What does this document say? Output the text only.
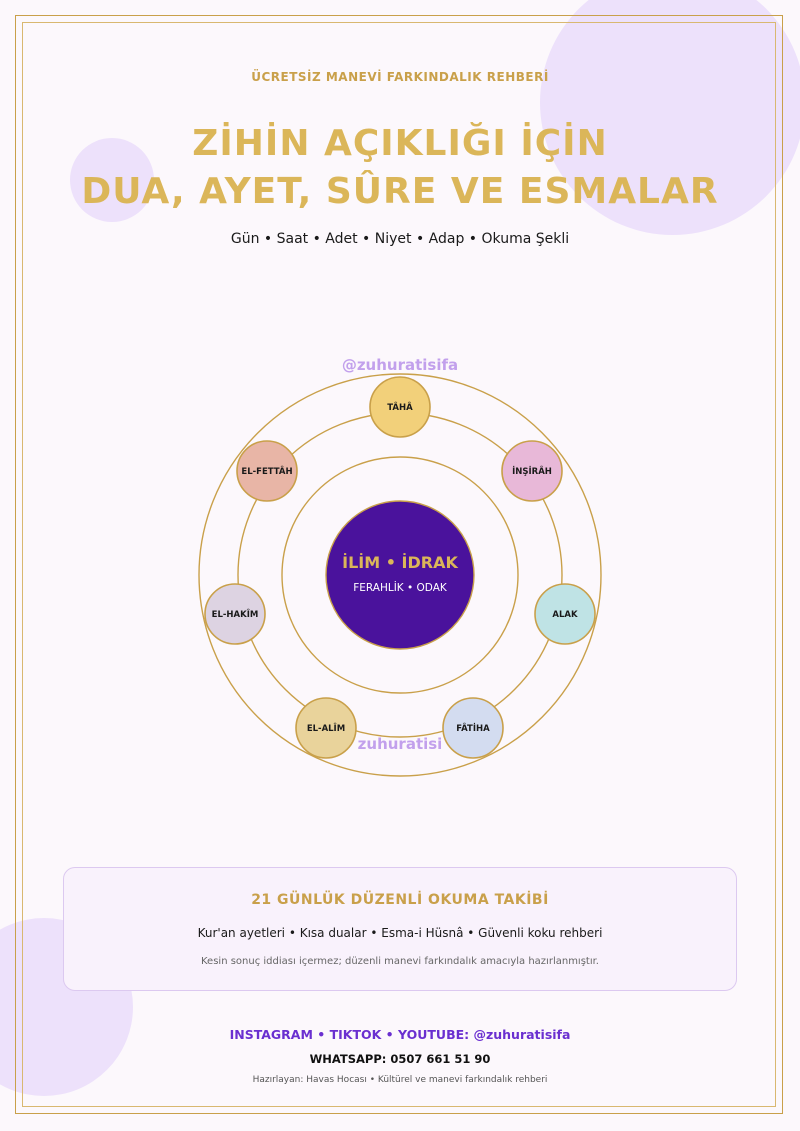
ÜCRETSİZ MANEVİ FARKINDALIK REHBERİ
ZİHİN AÇIKLIĞI İÇİN
DUA, AYET, SÛRE VE ESMALAR
Gün • Saat • Adet • Niyet • Adap • Okuma Şekli
İLİM • İDRAK
FERAHLİK • ODAK
@zuhuratisifa
TÂHÂ
İNŞİRÂH
ALAK
FÂTİHA
zuhuratisi
EL-ALÎM
EL-HAKÎM
EL-FETTÂH
21 GÜNLÜK DÜZENLİ OKUMA TAKİBİ
Kur'an ayetleri • Kısa dualar • Esma-i Hüsnâ • Güvenli koku rehberi
Kesin sonuç iddiası içermez; düzenli manevi farkındalık amacıyla hazırlanmıştır.
INSTAGRAM • TIKTOK • YOUTUBE: @zuhuratisifa
WHATSAPP: 0507 661 51 90
Hazırlayan: Havas Hocası • Kültürel ve manevi farkındalık rehberi
